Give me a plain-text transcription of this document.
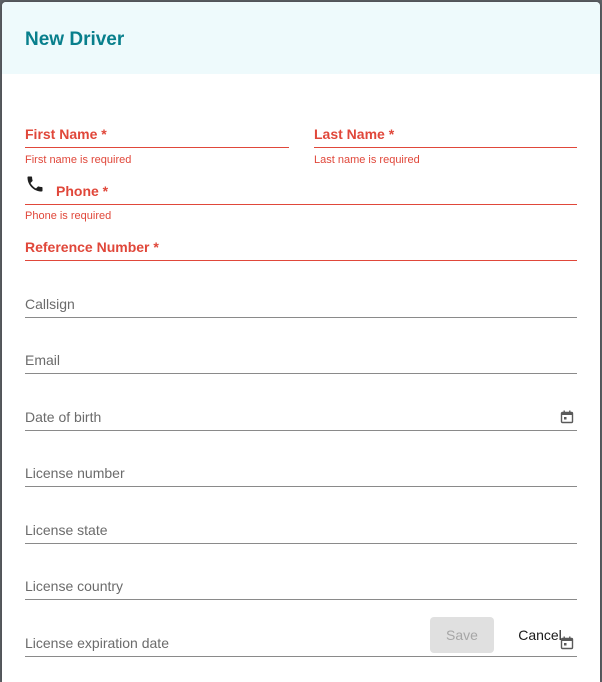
New Driver
First Name *
First name is required
Last Name *
Last name is required
Phone *
Phone is required
Reference Number *
Callsign
Email
Date of birth
License number
License state
License country
License expiration date	Save	Cancel
